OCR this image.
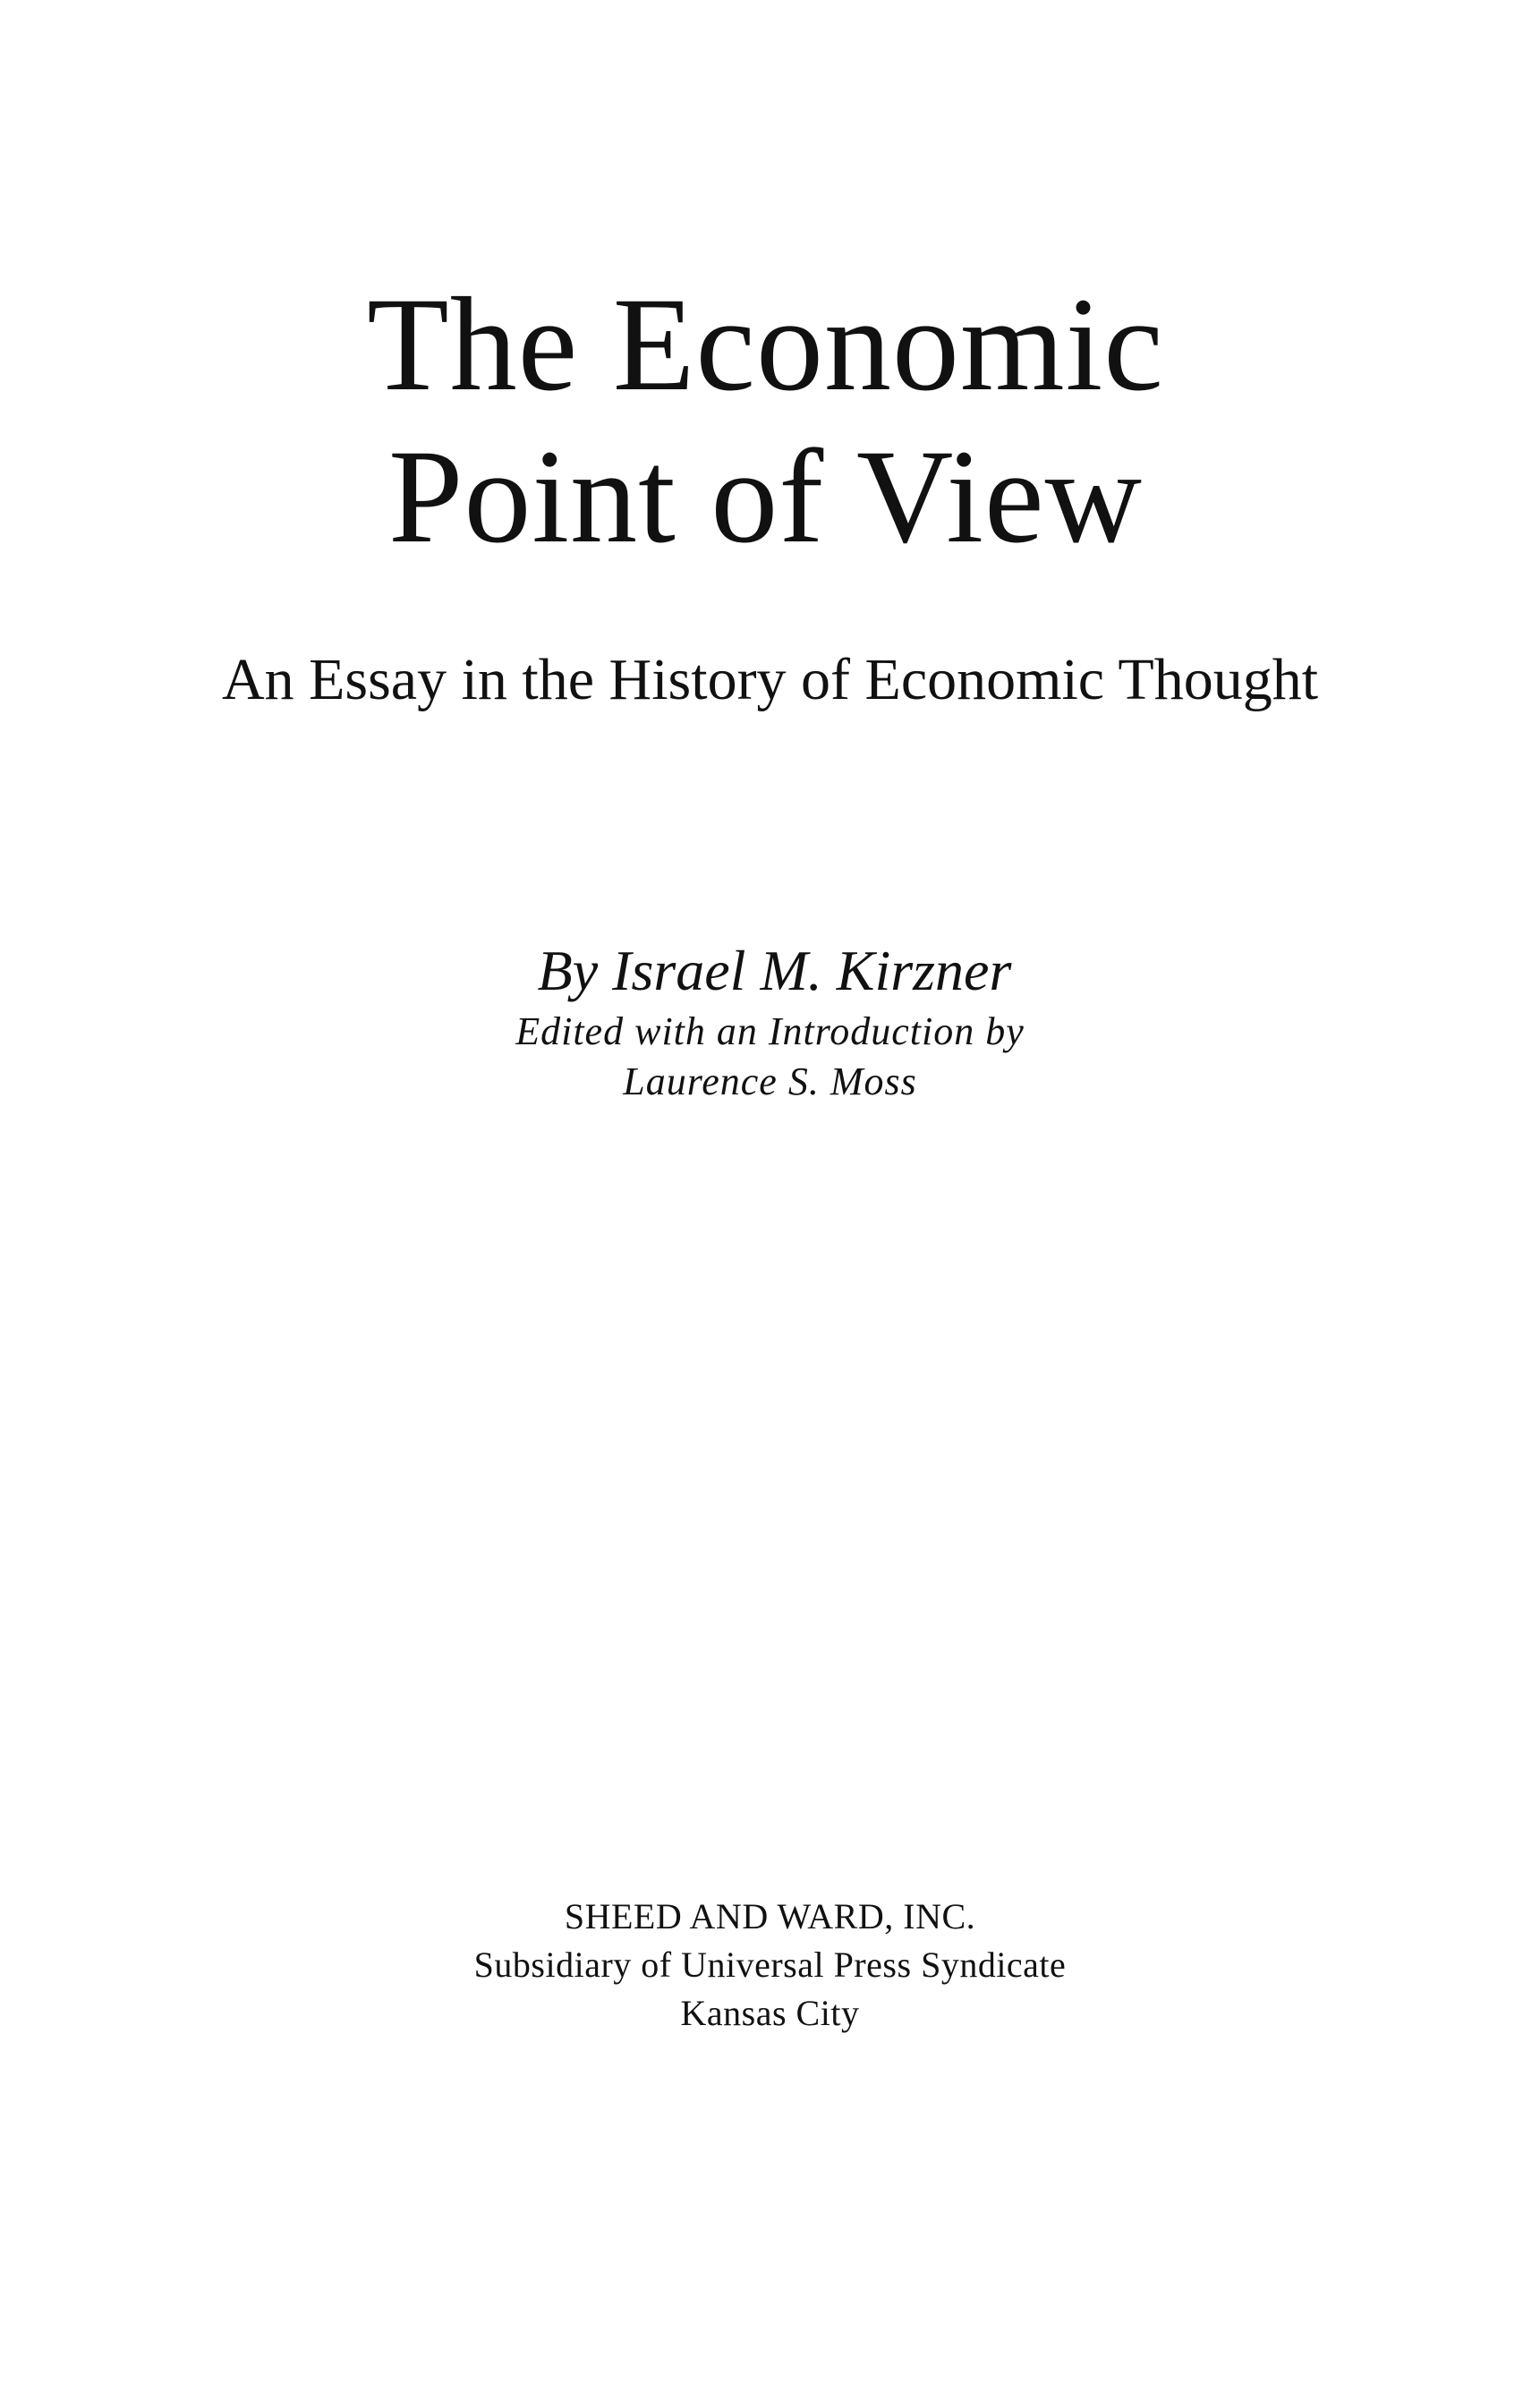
The Economic
Point of View
An Essay in the History of Economic Thought
By Israel M. Kirzner
Edited with an Introduction by
Laurence S. Moss
SHEED AND WARD, INC.
Subsidiary of Universal Press Syndicate
Kansas City
